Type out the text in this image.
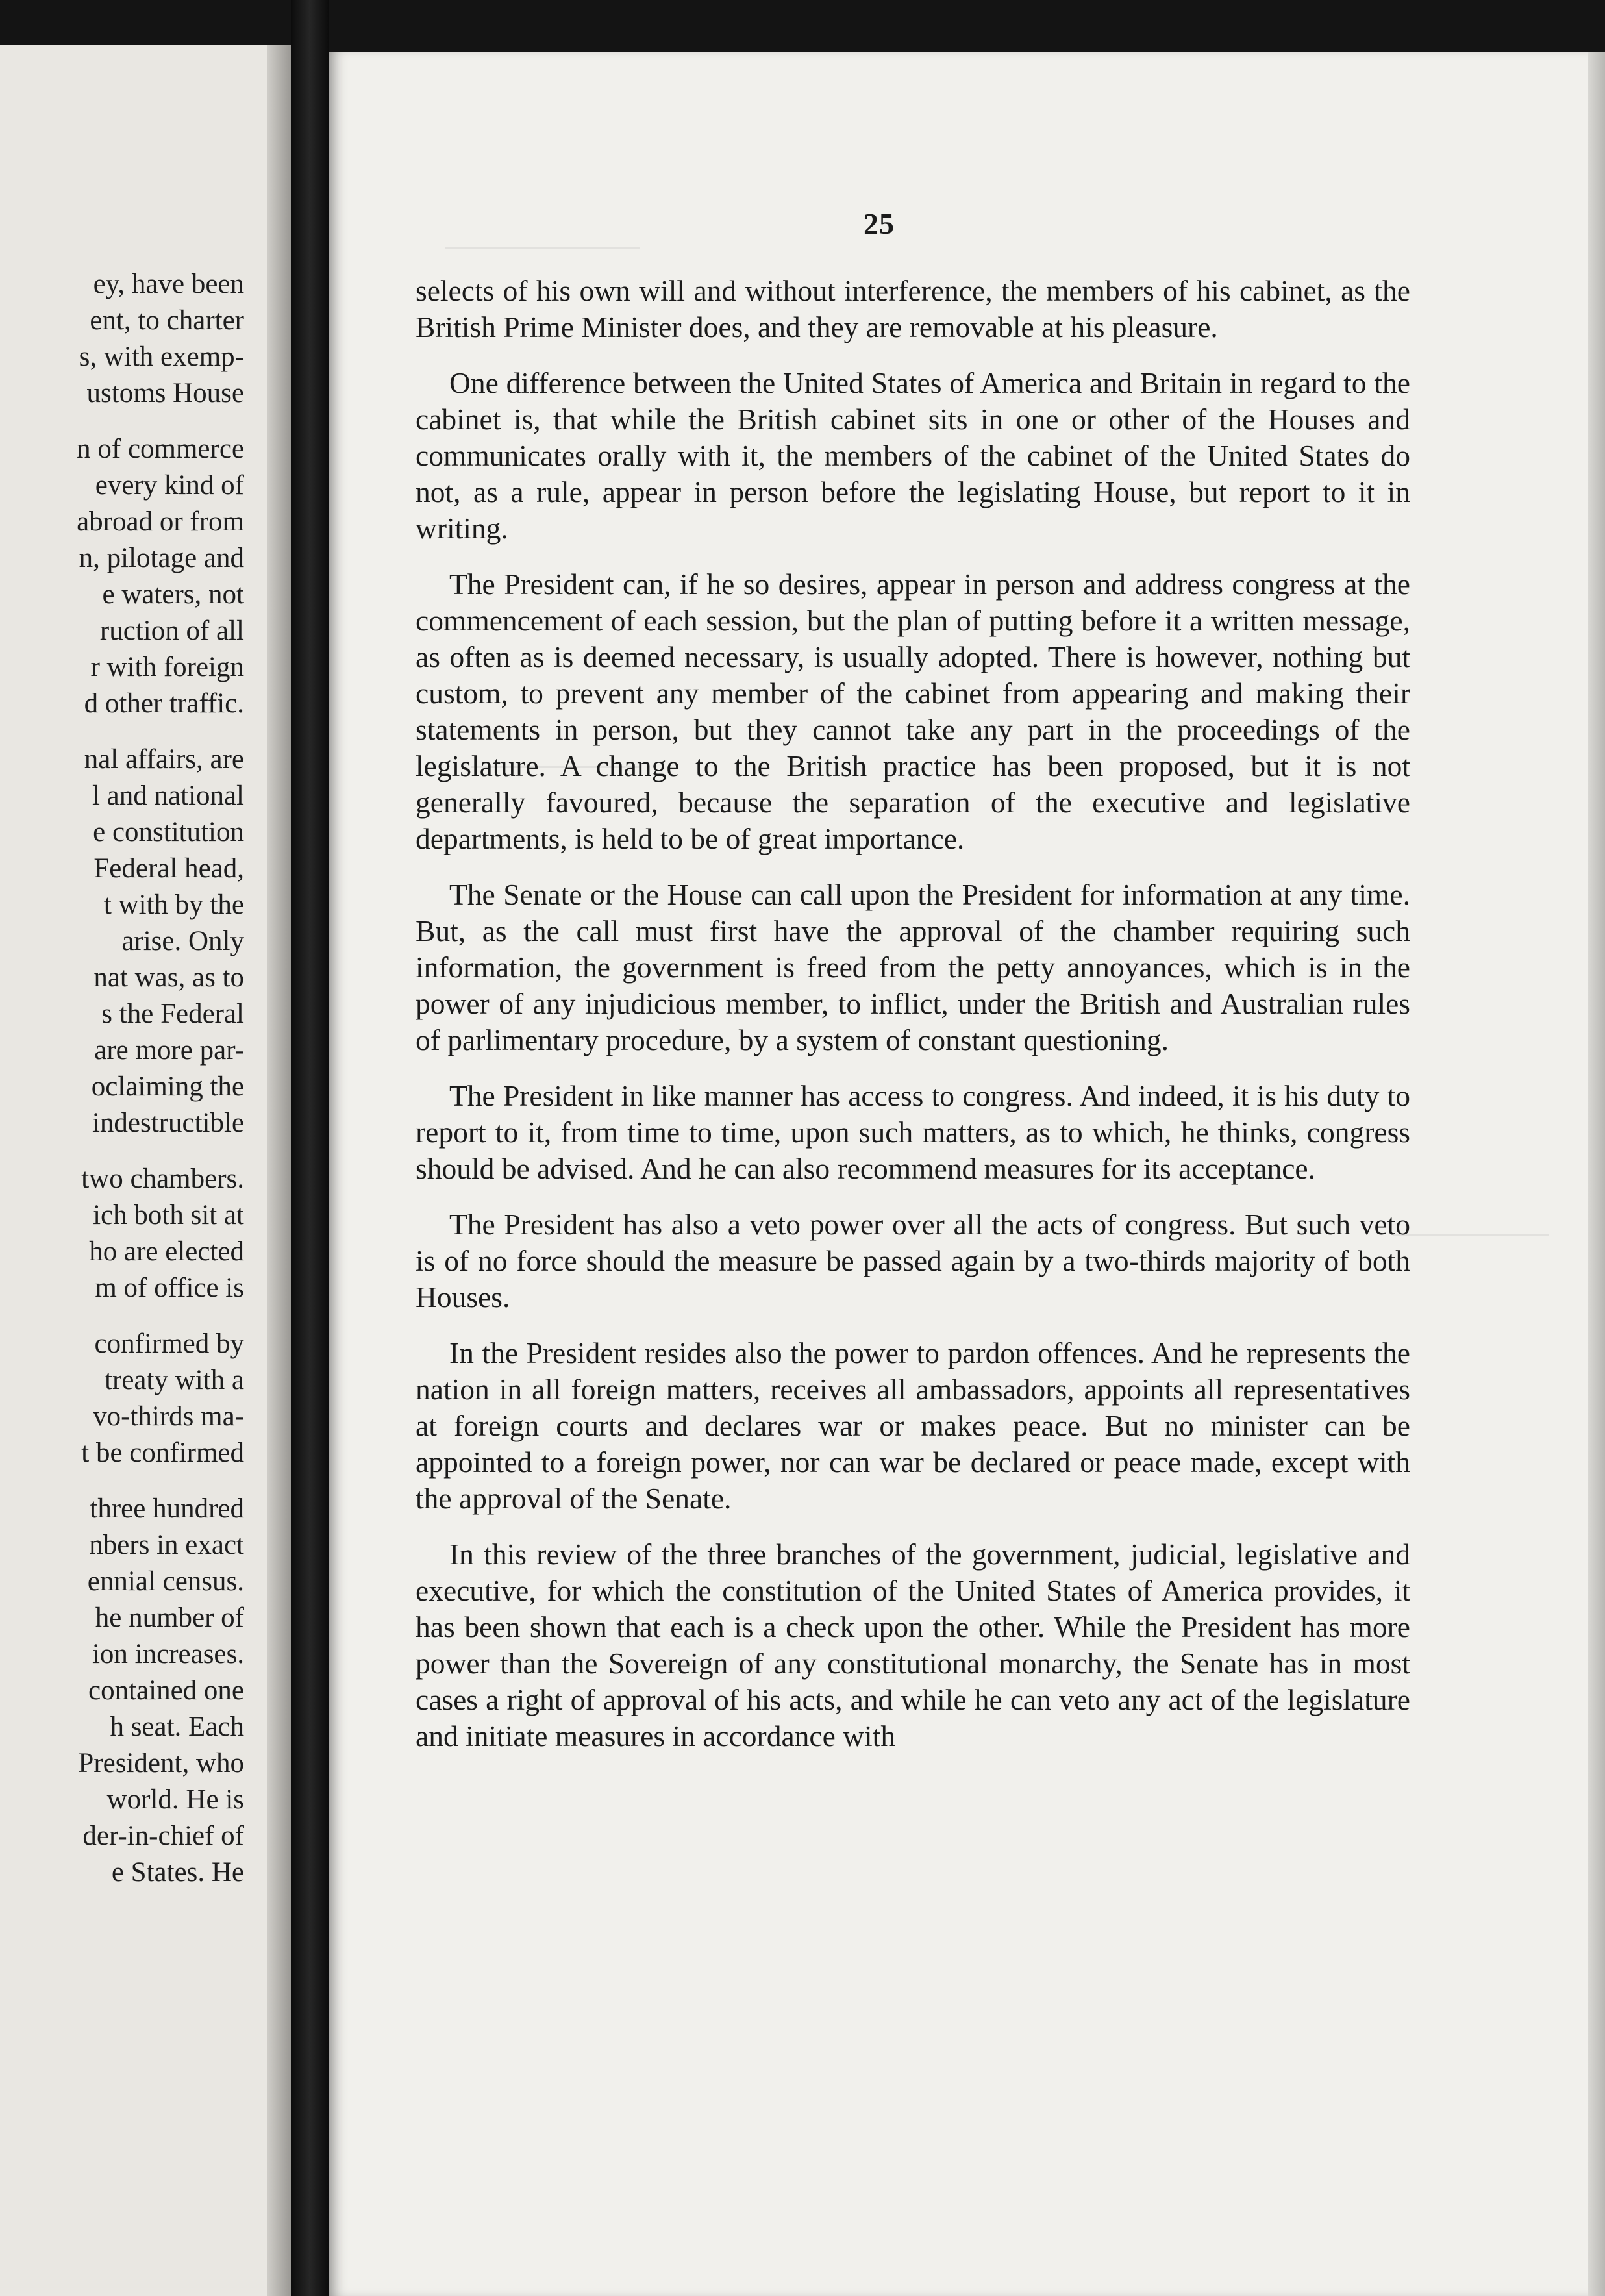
ey, have been
ent, to charter
s, with exemp-
ustoms House
n of commerce
every kind of
abroad or from
n, pilotage and
e waters, not
ruction of all
r with foreign
d other traffic.
nal affairs, are
l and national
e constitution
Federal head,
t with by the
arise. Only
nat was, as to
s the Federal
are more par-
oclaiming the
indestructible
two chambers.
ich both sit at
ho are elected
m of office is
confirmed by
treaty with a
vo-thirds ma-
t be confirmed
three hundred
nbers in exact
ennial census.
he number of
ion increases.
contained one
h seat. Each
President, who
world. He is
der-in-chief of
e States. He
25

selects of his own will and without interference, the members of his cabinet, as the British Prime Minister does, and they are removable at his pleasure.

One difference between the United States of America and Britain in regard to the cabinet is, that while the British cabinet sits in one or other of the Houses and communicates orally with it, the members of the cabinet of the United States do not, as a rule, appear in person before the legislating House, but report to it in writing.

The President can, if he so desires, appear in person and address congress at the commencement of each session, but the plan of putting before it a written message, as often as is deemed necessary, is usually adopted. There is however, nothing but custom, to prevent any member of the cabinet from appearing and making their statements in person, but they cannot take any part in the proceedings of the legislature. A change to the British practice has been proposed, but it is not generally favoured, because the separation of the executive and legislative departments, is held to be of great importance.

The Senate or the House can call upon the President for information at any time. But, as the call must first have the approval of the chamber requiring such information, the government is freed from the petty annoyances, which is in the power of any injudicious member, to inflict, under the British and Australian rules of parlimentary procedure, by a system of constant questioning.

The President in like manner has access to congress. And indeed, it is his duty to report to it, from time to time, upon such matters, as to which, he thinks, congress should be advised. And he can also recommend measures for its acceptance.

The President has also a veto power over all the acts of congress. But such veto is of no force should the measure be passed again by a two-thirds majority of both Houses.

In the President resides also the power to pardon offences. And he represents the nation in all foreign matters, receives all ambassadors, appoints all representatives at foreign courts and declares war or makes peace. But no minister can be appointed to a foreign power, nor can war be declared or peace made, except with the approval of the Senate.

In this review of the three branches of the government, judicial, legislative and executive, for which the constitution of the United States of America provides, it has been shown that each is a check upon the other. While the President has more power than the Sovereign of any constitutional monarchy, the Senate has in most cases a right of approval of his acts, and while he can veto any act of the legislature and initiate measures in accordance with
